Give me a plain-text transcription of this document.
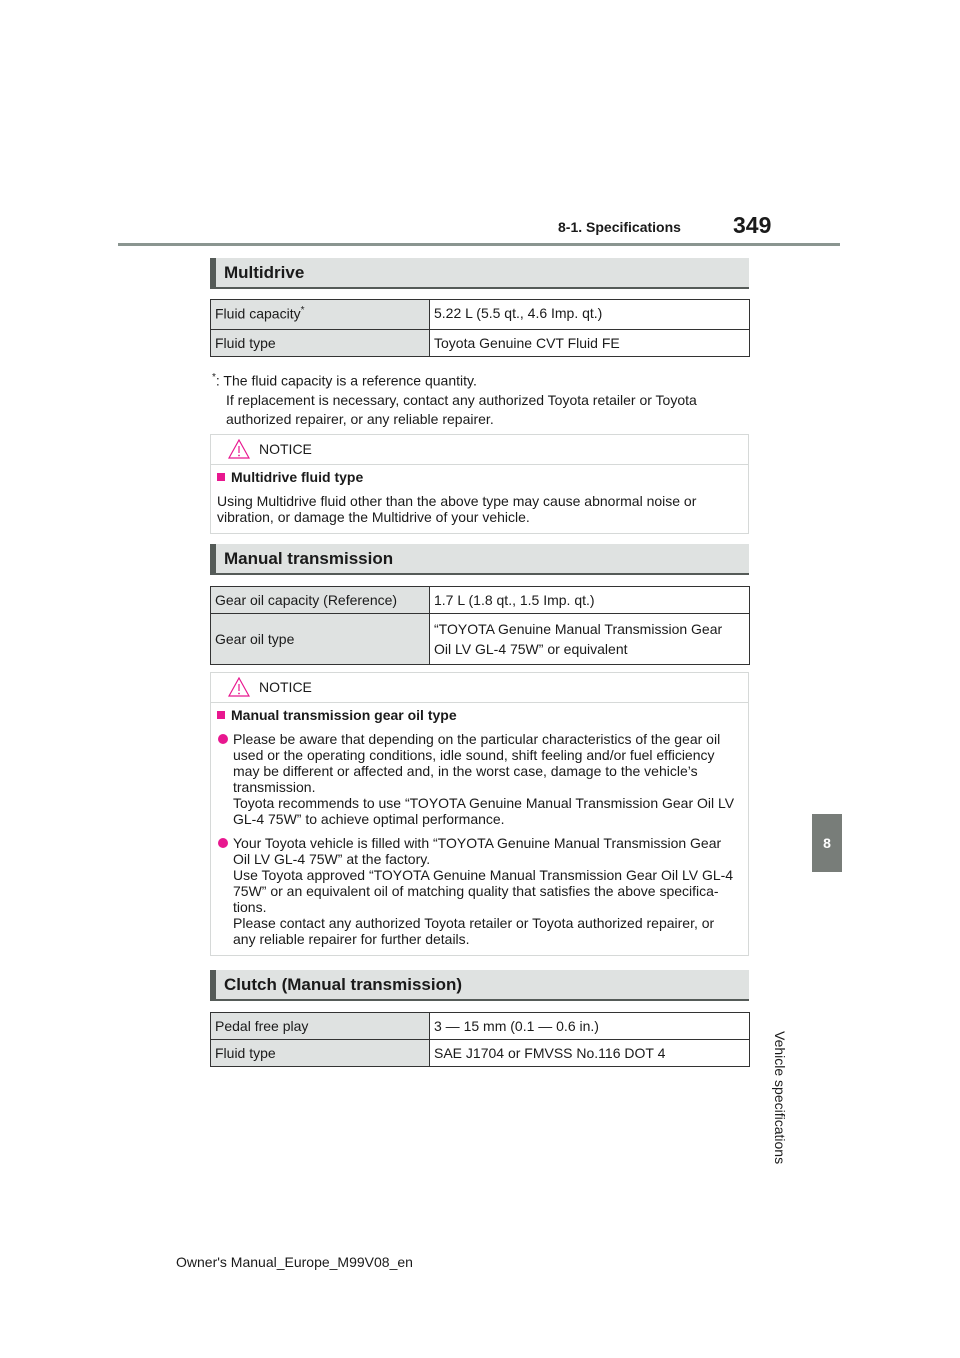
8-1. Specifications 349
8
Vehicle specifications
Multidrive
Fluid capacity*	5.22 L (5.5 qt., 4.6 Imp. qt.)
Fluid type	Toyota Genuine CVT Fluid FE
*: The fluid capacity is a reference quantity.
If replacement is necessary, contact any authorized Toyota retailer or Toyota authorized repairer, or any reliable repairer.
NOTICE
Multidrive fluid type
Using Multidrive fluid other than the above type may cause abnormal noise or vibration, or damage the Multidrive of your vehicle.
Manual transmission
Gear oil capacity (Reference)	1.7 L (1.8 qt., 1.5 Imp. qt.)
Gear oil type	“TOYOTA Genuine Manual Transmission Gear
Oil LV GL-4 75W” or equivalent
NOTICE
Manual transmission gear oil type
Please be aware that depending on the particular characteristics of the gear oil used or the operating conditions, idle sound, shift feeling and/or fuel efficiency may be different or affected and, in the worst case, damage to the vehicle’s transmission.
Toyota recommends to use “TOYOTA Genuine Manual Transmission Gear Oil LV GL-4 75W” to achieve optimal performance.
Your Toyota vehicle is filled with “TOYOTA Genuine Manual Transmission Gear Oil LV GL-4 75W” at the factory.
Use Toyota approved “TOYOTA Genuine Manual Transmission Gear Oil LV GL-4 75W” or an equivalent oil of matching quality that satisfies the above specifica-tions.
Please contact any authorized Toyota retailer or Toyota authorized repairer, or any reliable repairer for further details.
Clutch (Manual transmission)
Pedal free play	3 — 15 mm (0.1 — 0.6 in.)
Fluid type	SAE J1704 or FMVSS No.116 DOT 4
Owner's Manual_Europe_M99V08_en
